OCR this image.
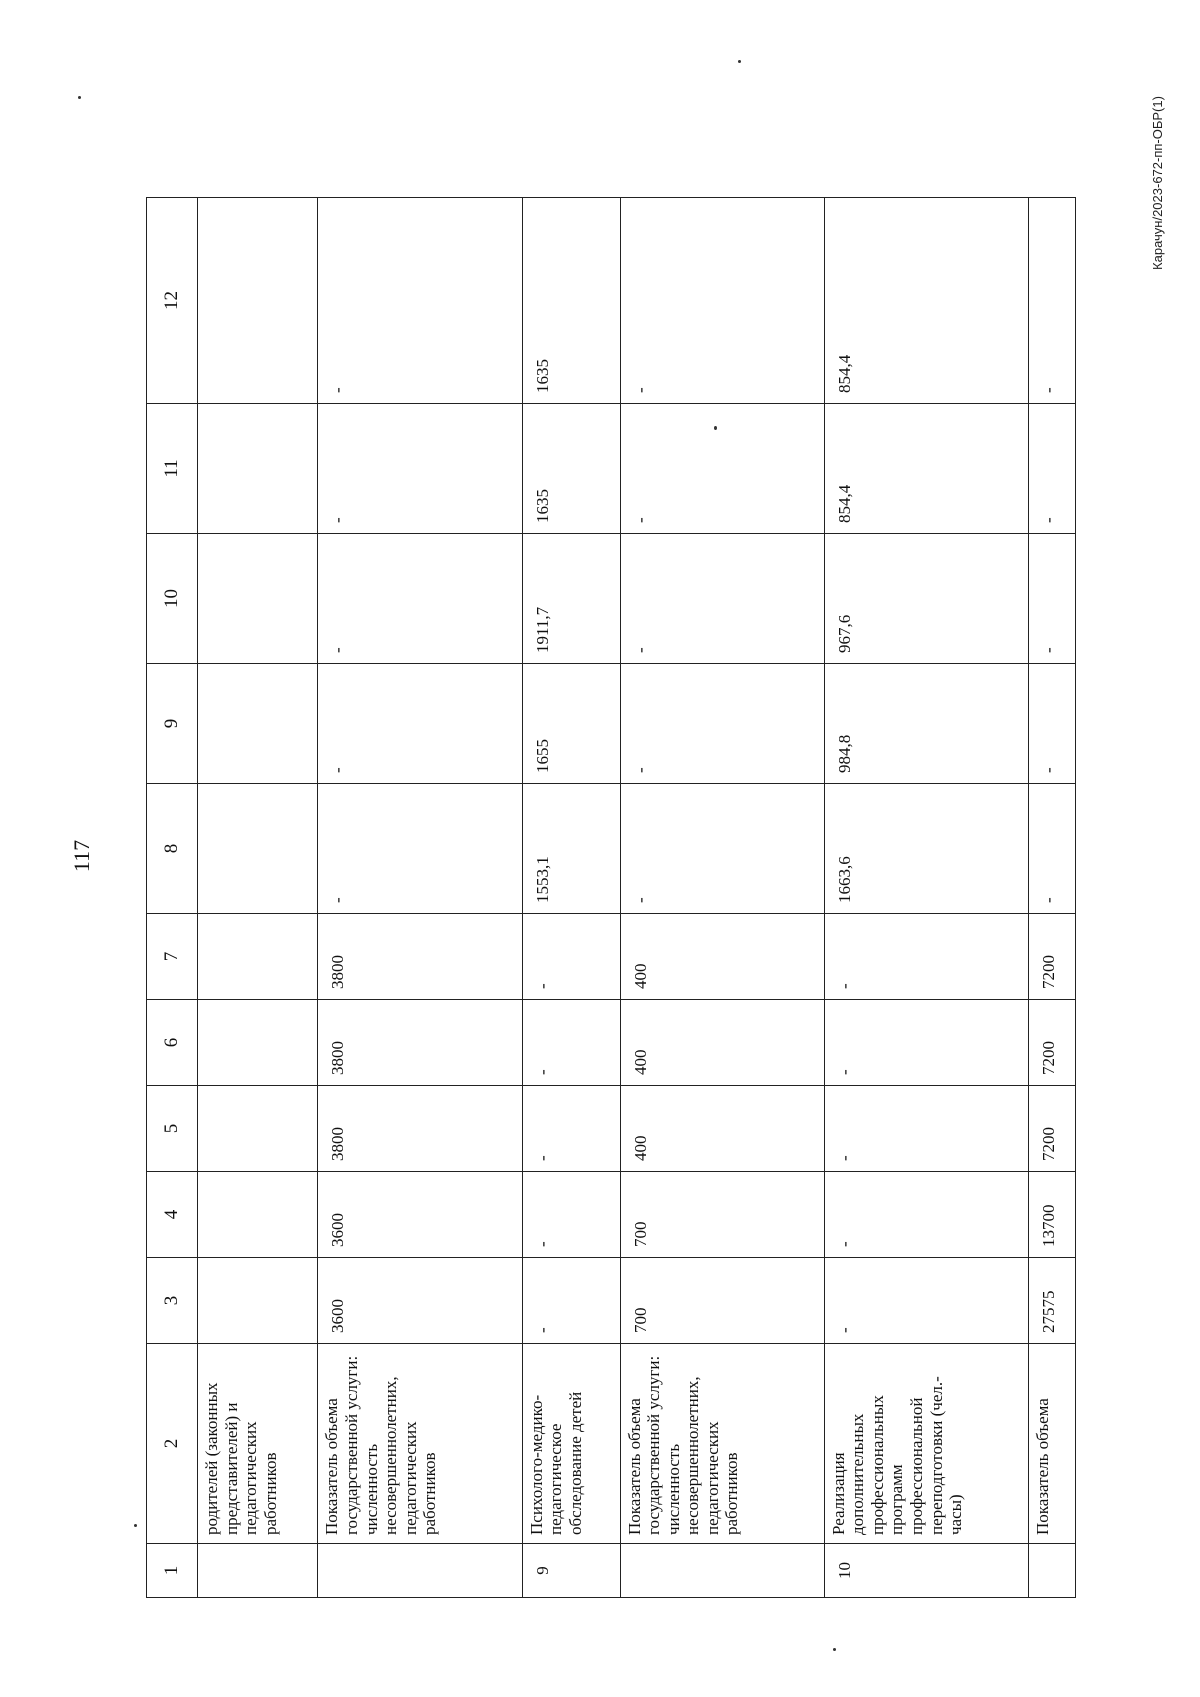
117
Карачун/2023-672-пп-ОБР(1)
1	2	3	4	5	6	7	8	9	10	11	12
	родителей (законных представителей) и педагогических работников										
	Показатель объема государственной услуги: численность несовершеннолетних, педагогических работников	3600	3600	3800	3800	3800	-	-	-	-	-
9	Психолого-медико-педагогическое обследование детей	-	-	-	-	-	1553,1	1655	1911,7	1635	1635
	Показатель объема государственной услуги: численность несовершеннолетних, педагогических работников	700	700	400	400	400	-	-	-	-	-
10	Реализация дополнительных профессиональных программ профессиональной переподготовки (чел.-часы)	-	-	-	-	-	1663,6	984,8	967,6	854,4	854,4
	Показатель объема	27575	13700	7200	7200	7200	-	-	-	-	-
